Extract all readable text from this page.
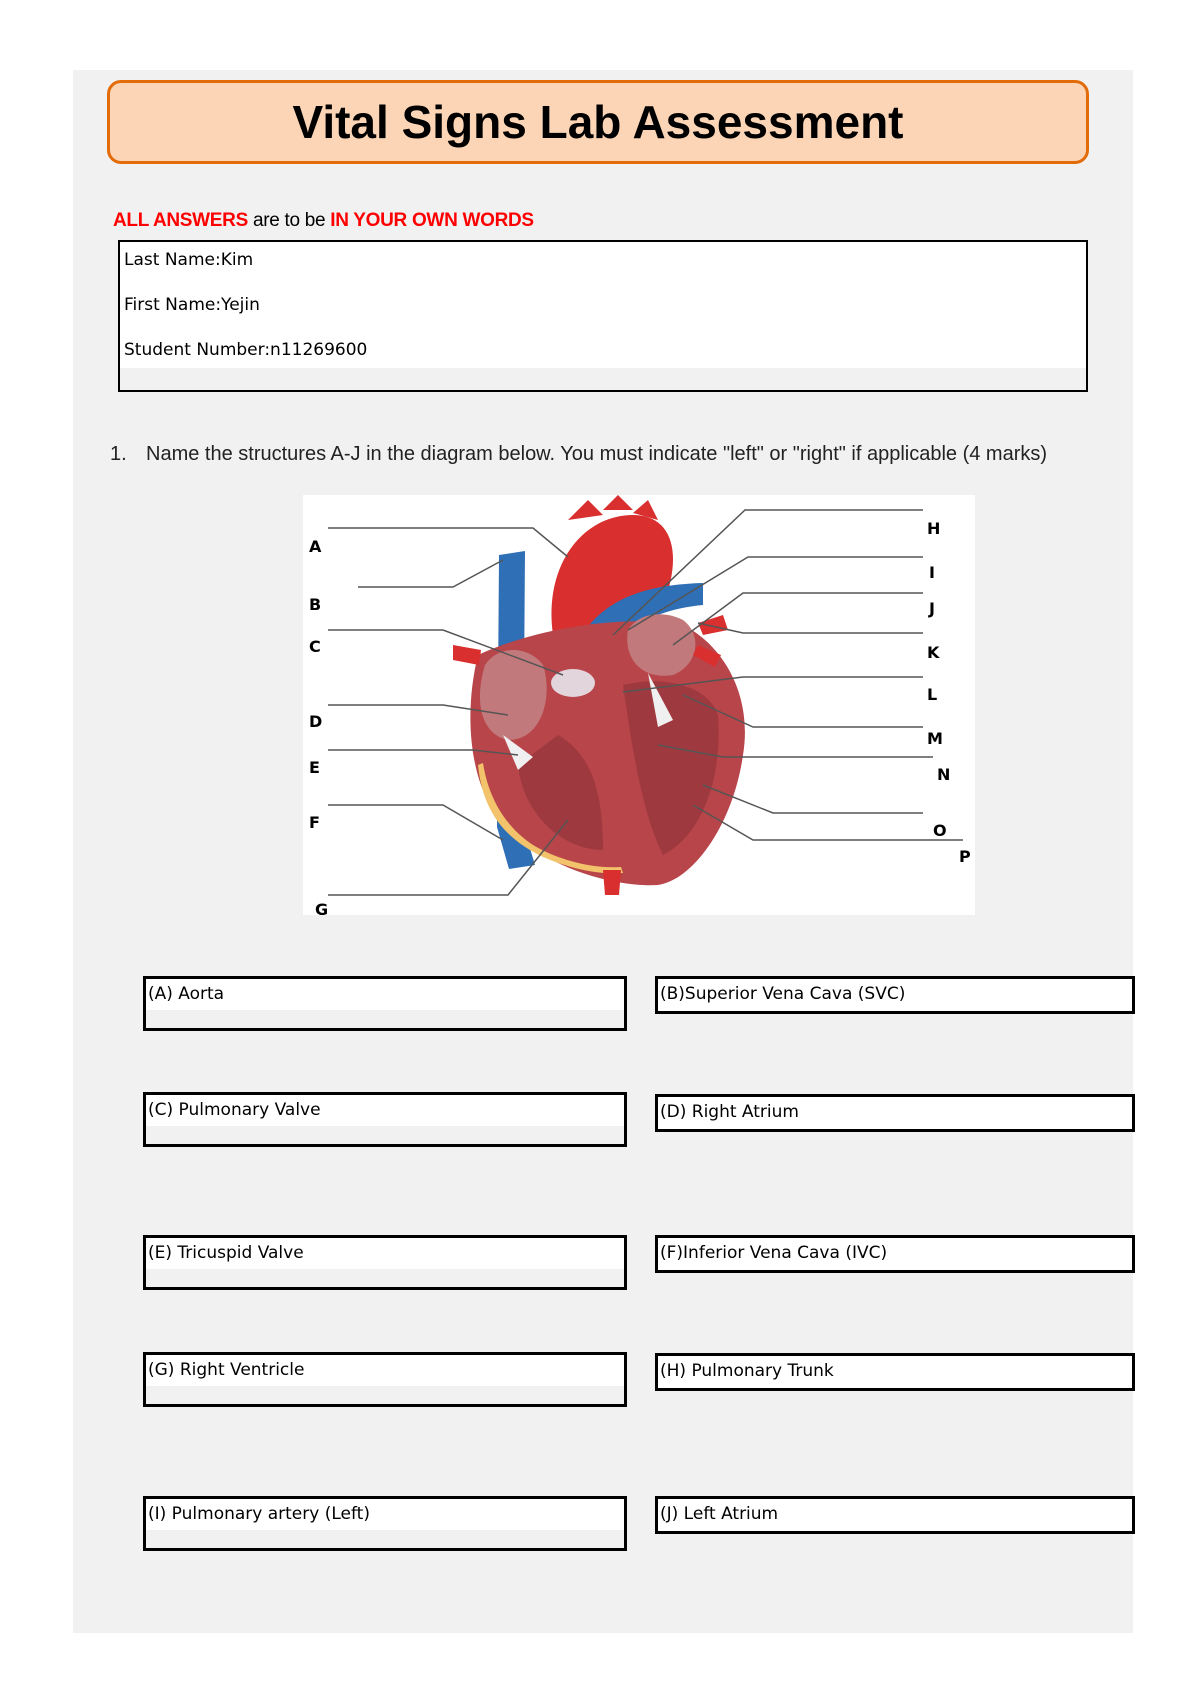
Vital Signs Lab Assessment
ALL ANSWERS are to be IN YOUR OWN WORDS
Last Name:Kim
First Name:Yejin
Student Number:n11269600
1. Name the structures A-J in the diagram below. You must indicate "left" or "right" if applicable (4 marks)
A
B
C
D
E
F
G
H
I
J
K
L
M
N
O
P
(A) Aorta	(B)Superior Vena Cava (SVC)
(C) Pulmonary Valve	(D) Right Atrium
(E) Tricuspid Valve	(F)Inferior Vena Cava (IVC)
(G) Right Ventricle	(H) Pulmonary Trunk
(I) Pulmonary artery (Left)	(J) Left Atrium
